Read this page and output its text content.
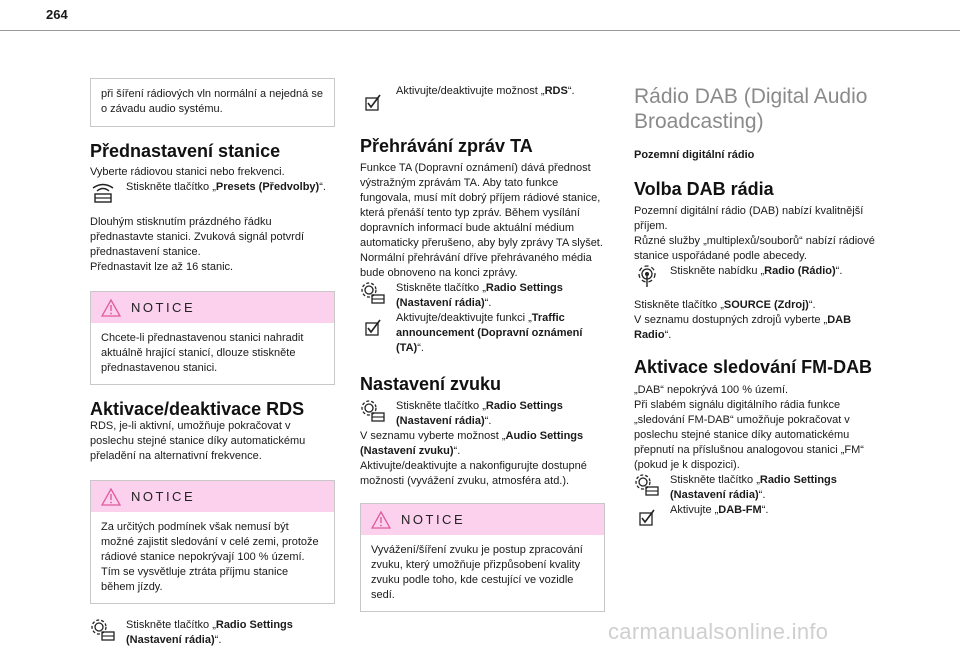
264

při šíření rádiových vln normální a nejedná se o závadu audio systému.

Přednastavení stanice

Vyberte rádiovou stanici nebo frekvenci.

Stiskněte tlačítko „Presets (Předvolby)“.

Dlouhým stisknutím prázdného řádku přednastavte stanici. Zvuková signál potvrdí přednastavení stanice.

Přednastavit lze až 16 stanic.

NOTICE

Chcete-li přednastavenou stanici nahradit aktuálně hrající stanicí, dlouze stiskněte přednastavenou stanici.

Aktivace/deaktivace RDS

RDS, je-li aktivní, umožňuje pokračovat v poslechu stejné stanice díky automatickému přeladění na alternativní frekvence.

NOTICE

Za určitých podmínek však nemusí být možné zajistit sledování v celé zemi, protože rádiové stanice nepokrývají 100 % území. Tím se vysvětluje ztráta příjmu stanice během jízdy.

Stiskněte tlačítko „Radio Settings (Nastavení rádia)“.

Aktivujte/deaktivujte možnost „RDS“.

Přehrávání zpráv TA

Funkce TA (Dopravní oznámení) dává přednost výstražným zprávám TA. Aby tato funkce fungovala, musí mít dobrý příjem rádiové stanice, která přenáší tento typ zpráv. Během vysílání dopravních informací bude aktuální médium automaticky přerušeno, aby byly zprávy TA slyšet. Normální přehrávání dříve přehrávaného média bude obnoveno na konci zprávy.

Stiskněte tlačítko „Radio Settings (Nastavení rádia)“.

Aktivujte/deaktivujte funkci „Traffic announcement (Dopravní oznámení (TA)“.

Nastavení zvuku

Stiskněte tlačítko „Radio Settings (Nastavení rádia)“.

V seznamu vyberte možnost „Audio Settings (Nastavení zvuku)“.

Aktivujte/deaktivujte a nakonfigurujte dostupné možnosti (vyvážení zvuku, atmosféra atd.).

NOTICE

Vyvážení/šíření zvuku je postup zpracování zvuku, který umožňuje přizpůsobení kvality zvuku podle toho, kde cestující ve vozidle sedí.

Rádio DAB (Digital Audio Broadcasting)
Pozemní digitální rádio
Volba DAB rádia

Pozemní digitální rádio (DAB) nabízí kvalitnější příjem.

Různé služby „multiplexů/souborů“ nabízí rádiové stanice uspořádané podle abecedy.

Stiskněte nabídku „Radio (Rádio)“.

Stiskněte tlačítko „SOURCE (Zdroj)“.

V seznamu dostupných zdrojů vyberte „DAB Radio“.

Aktivace sledování FM-DAB

„DAB“ nepokrývá 100 % území.

Při slabém signálu digitálního rádia funkce „sledování FM-DAB“ umožňuje pokračovat v poslechu stejné stanice díky automatickému přepnutí na příslušnou analogovou stanici „FM“ (pokud je k dispozici).

Stiskněte tlačítko „Radio Settings (Nastavení rádia)“.

Aktivujte „DAB-FM“.

carmanualsonline.info
